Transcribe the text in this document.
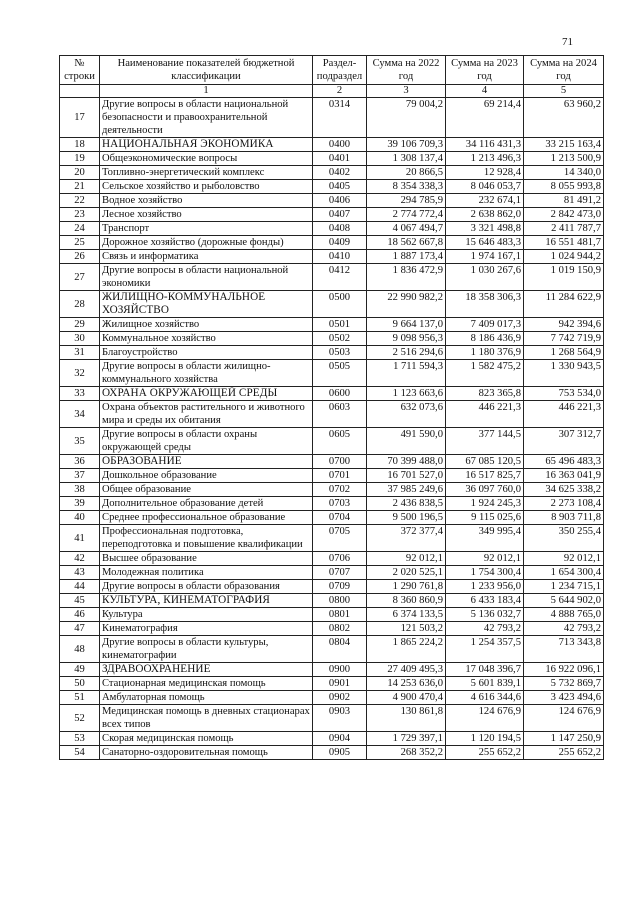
71
№ строки	Наименование показателей бюджетной классификации	Раздел-подраздел	Сумма на 2022 год	Сумма на 2023 год	Сумма на 2024 год
	1	2	3	4	5
17	Другие вопросы в области национальной безопасности и правоохранительной деятельности	0314	79 004,2	69 214,4	63 960,2
18	НАЦИОНАЛЬНАЯ ЭКОНОМИКА	0400	39 106 709,3	34 116 431,3	33 215 163,4
19	Общеэкономические вопросы	0401	1 308 137,4	1 213 496,3	1 213 500,9
20	Топливно-энергетический комплекс	0402	20 866,5	12 928,4	14 340,0
21	Сельское хозяйство и рыболовство	0405	8 354 338,3	8 046 053,7	8 055 993,8
22	Водное хозяйство	0406	294 785,9	232 674,1	81 491,2
23	Лесное хозяйство	0407	2 774 772,4	2 638 862,0	2 842 473,0
24	Транспорт	0408	4 067 494,7	3 321 498,8	2 411 787,7
25	Дорожное хозяйство (дорожные фонды)	0409	18 562 667,8	15 646 483,3	16 551 481,7
26	Связь и информатика	0410	1 887 173,4	1 974 167,1	1 024 944,2
27	Другие вопросы в области национальной экономики	0412	1 836 472,9	1 030 267,6	1 019 150,9
28	ЖИЛИЩНО-КОММУНАЛЬНОЕ ХОЗЯЙСТВО	0500	22 990 982,2	18 358 306,3	11 284 622,9
29	Жилищное хозяйство	0501	9 664 137,0	7 409 017,3	942 394,6
30	Коммунальное хозяйство	0502	9 098 956,3	8 186 436,9	7 742 719,9
31	Благоустройство	0503	2 516 294,6	1 180 376,9	1 268 564,9
32	Другие вопросы в области жилищно-коммунального хозяйства	0505	1 711 594,3	1 582 475,2	1 330 943,5
33	ОХРАНА ОКРУЖАЮЩЕЙ СРЕДЫ	0600	1 123 663,6	823 365,8	753 534,0
34	Охрана объектов растительного и животного мира и среды их обитания	0603	632 073,6	446 221,3	446 221,3
35	Другие вопросы в области охраны окружающей среды	0605	491 590,0	377 144,5	307 312,7
36	ОБРАЗОВАНИЕ	0700	70 399 488,0	67 085 120,5	65 496 483,3
37	Дошкольное образование	0701	16 701 527,0	16 517 825,7	16 363 041,9
38	Общее образование	0702	37 985 249,6	36 097 760,0	34 625 338,2
39	Дополнительное образование детей	0703	2 436 838,5	1 924 245,3	2 273 108,4
40	Среднее профессиональное образование	0704	9 500 196,5	9 115 025,6	8 903 711,8
41	Профессиональная подготовка, переподготовка и повышение квалификации	0705	372 377,4	349 995,4	350 255,4
42	Высшее образование	0706	92 012,1	92 012,1	92 012,1
43	Молодежная политика	0707	2 020 525,1	1 754 300,4	1 654 300,4
44	Другие вопросы в области образования	0709	1 290 761,8	1 233 956,0	1 234 715,1
45	КУЛЬТУРА, КИНЕМАТОГРАФИЯ	0800	8 360 860,9	6 433 183,4	5 644 902,0
46	Культура	0801	6 374 133,5	5 136 032,7	4 888 765,0
47	Кинематография	0802	121 503,2	42 793,2	42 793,2
48	Другие вопросы в области культуры, кинематографии	0804	1 865 224,2	1 254 357,5	713 343,8
49	ЗДРАВООХРАНЕНИЕ	0900	27 409 495,3	17 048 396,7	16 922 096,1
50	Стационарная медицинская помощь	0901	14 253 636,0	5 601 839,1	5 732 869,7
51	Амбулаторная помощь	0902	4 900 470,4	4 616 344,6	3 423 494,6
52	Медицинская помощь в дневных стационарах всех типов	0903	130 861,8	124 676,9	124 676,9
53	Скорая медицинская помощь	0904	1 729 397,1	1 120 194,5	1 147 250,9
54	Санаторно-оздоровительная помощь	0905	268 352,2	255 652,2	255 652,2
